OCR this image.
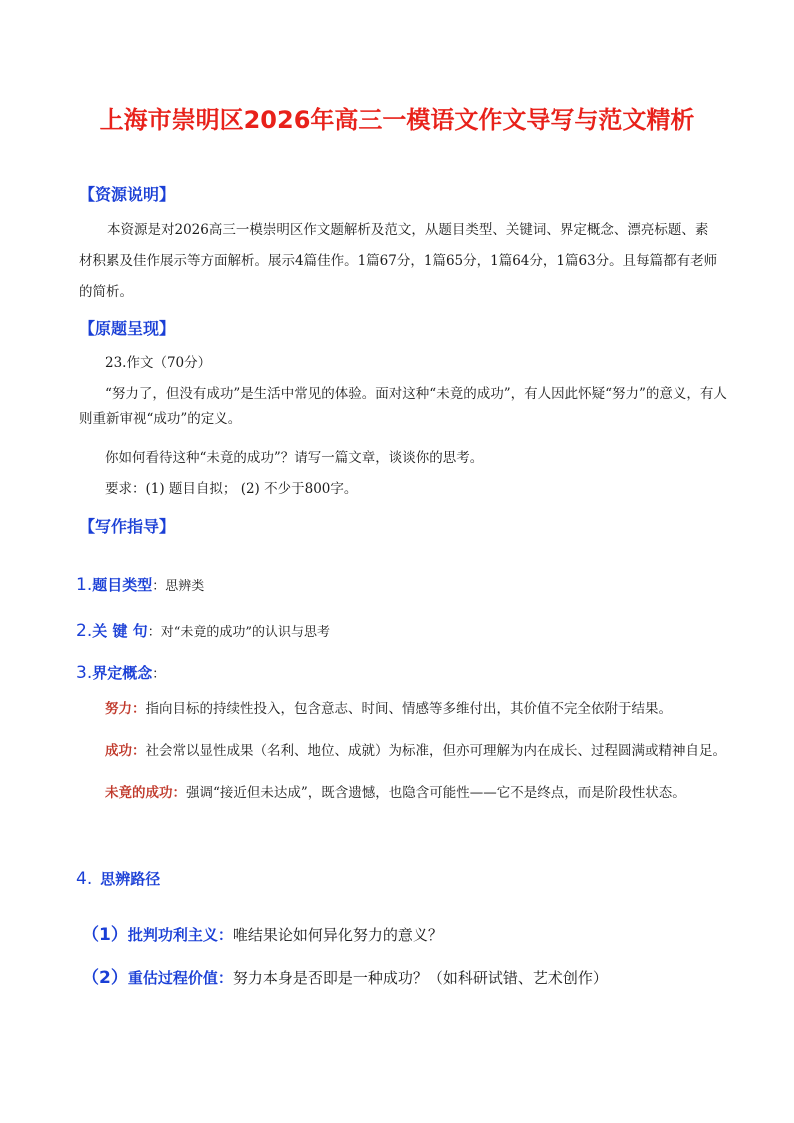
上海市崇明区2026年高三一模语文作文导写与范文精析
【资源说明】
本资源是对2026高三一模崇明区作文题解析及范文，从题目类型、关键词、界定概念、漂亮标题、素材积累及佳作展示等方面解析。展示4篇佳作。1篇67分，1篇65分，1篇64分，1篇63分。且每篇都有老师的简析。
【原题呈现】
23.作文（70分）
“努力了，但没有成功”是生活中常见的体验。面对这种“未竟的成功”，有人因此怀疑“努力”的意义，有人则重新审视“成功”的定义。
你如何看待这种“未竟的成功”？请写一篇文章，谈谈你的思考。
要求：(1) 题目自拟； (2) 不少于800字。
【写作指导】
1.题目类型：思辨类
2.关 键 句：对“未竟的成功”的认识与思考
3.界定概念：
努力：指向目标的持续性投入，包含意志、时间、情感等多维付出，其价值不完全依附于结果。
成功：社会常以显性成果（名利、地位、成就）为标准，但亦可理解为内在成长、过程圆满或精神自足。
未竟的成功：强调“接近但未达成”，既含遗憾，也隐含可能性——它不是终点，而是阶段性状态。
4. 思辨路径
（1）批判功利主义：唯结果论如何异化努力的意义？
（2）重估过程价值：努力本身是否即是一种成功？（如科研试错、艺术创作）
